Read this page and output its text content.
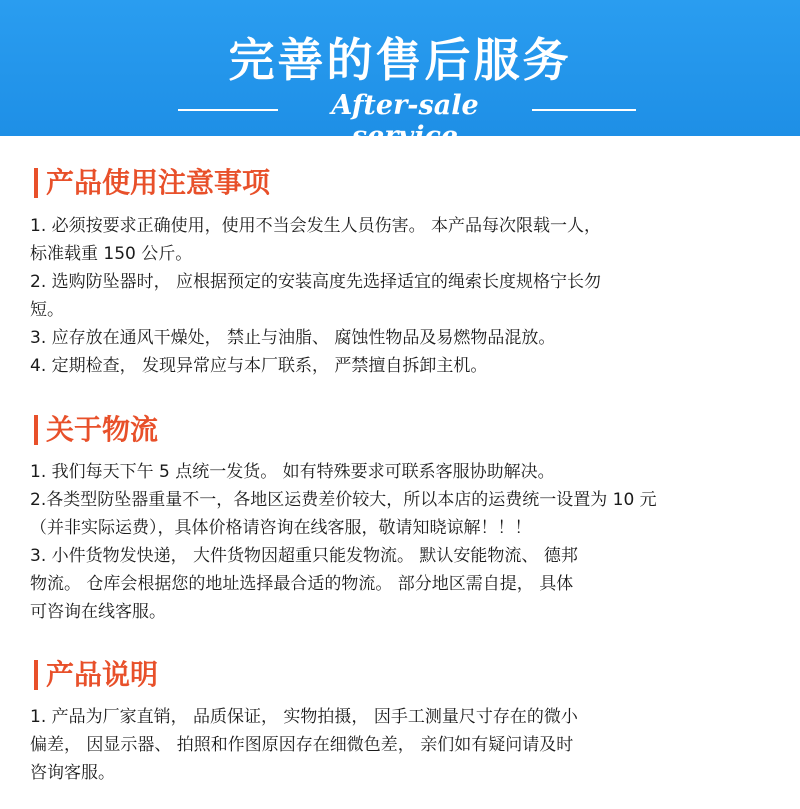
完善的售后服务
After-sale service
产品使用注意事项
1. 必须按要求正确使用，使用不当会发生人员伤害。 本产品每次限载一人，
标准载重 150 公斤。
2. 选购防坠器时， 应根据预定的安装高度先选择适宜的绳索长度规格宁长勿
短。
3. 应存放在通风干燥处， 禁止与油脂、 腐蚀性物品及易燃物品混放。
4. 定期检查， 发现异常应与本厂联系， 严禁擅自拆卸主机。
关于物流
1. 我们每天下午 5 点统一发货。 如有特殊要求可联系客服协助解决。
2.各类型防坠器重量不一，各地区运费差价较大，所以本店的运费统一设置为 10 元
（并非实际运费），具体价格请咨询在线客服，敬请知晓谅解！！！
3. 小件货物发快递， 大件货物因超重只能发物流。 默认安能物流、 德邦
物流。 仓库会根据您的地址选择最合适的物流。 部分地区需自提， 具体
可咨询在线客服。
产品说明
1. 产品为厂家直销， 品质保证， 实物拍摄， 因手工测量尺寸存在的微小
偏差， 因显示器、 拍照和作图原因存在细微色差， 亲们如有疑问请及时
咨询客服。
